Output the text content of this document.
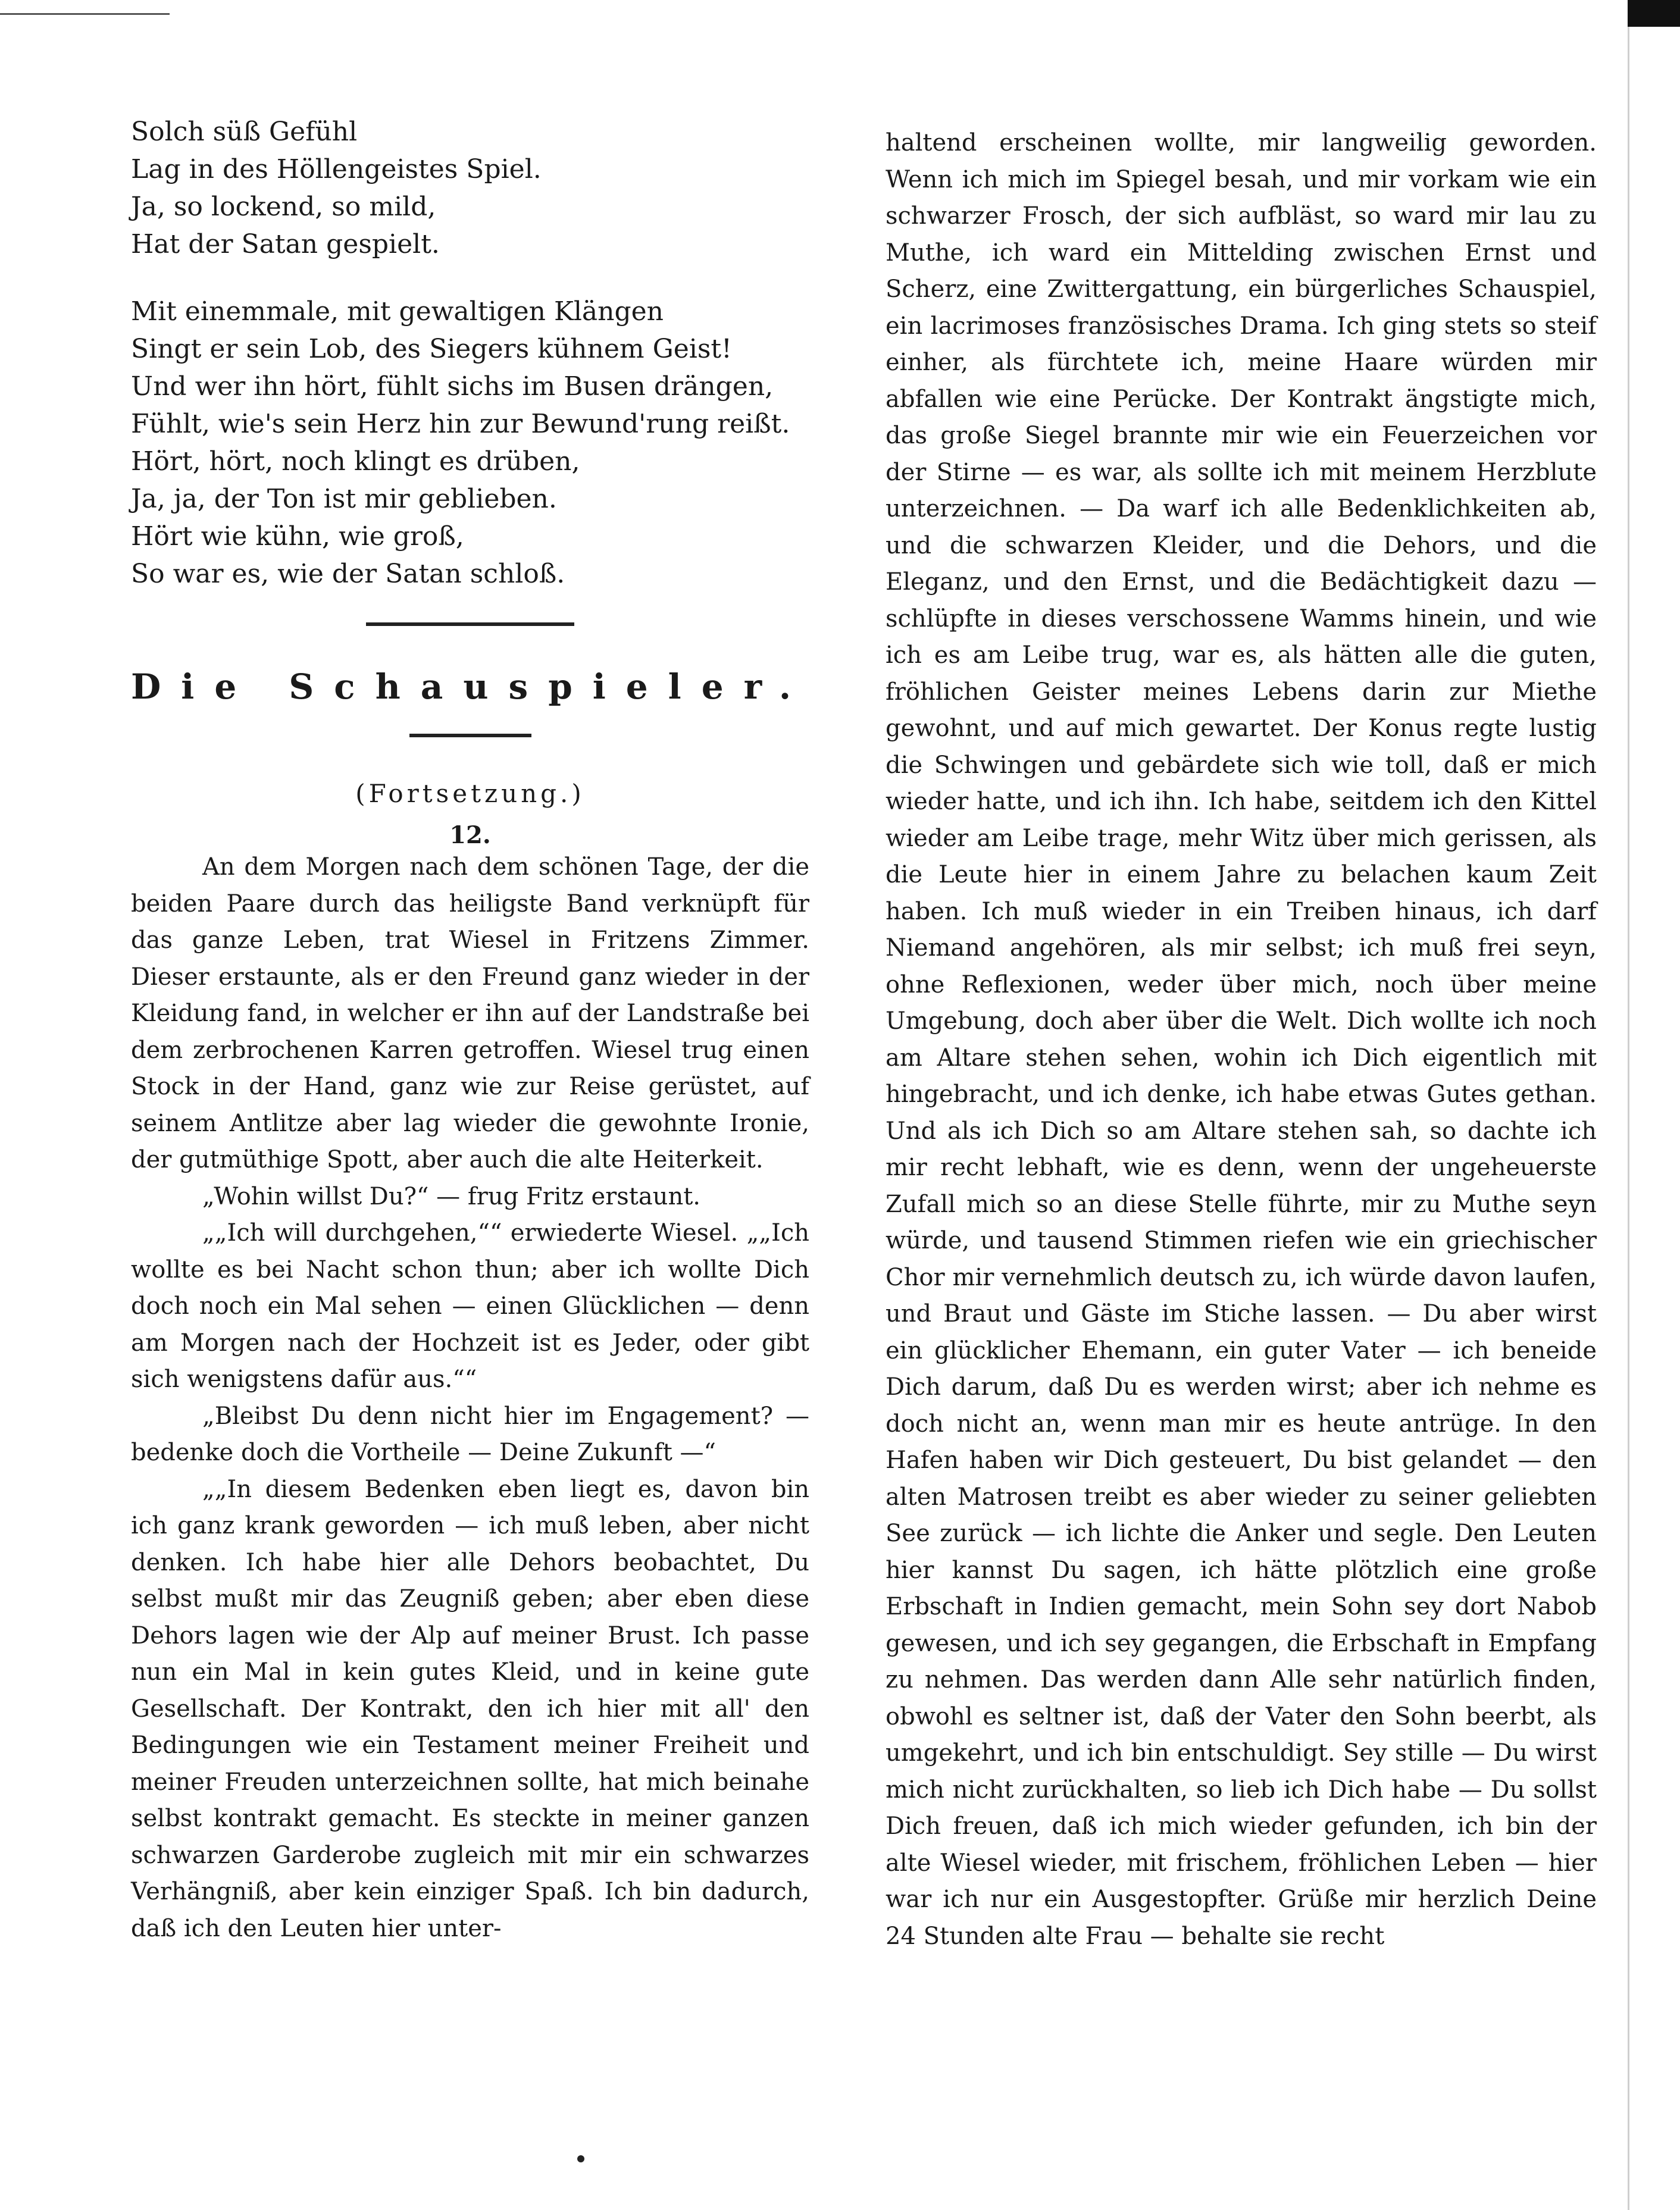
Solch süß Gefühl

Lag in des Höllengeistes Spiel.

Ja, so lockend, so mild,

Hat der Satan gespielt.

Mit einemmale, mit gewaltigen Klängen

Singt er sein Lob, des Siegers kühnem Geist!

Und wer ihn hört, fühlt sichs im Busen drängen,

Fühlt, wie's sein Herz hin zur Bewund'rung reißt.

Hört, hört, noch klingt es drüben,

Ja, ja, der Ton ist mir geblieben.

Hört wie kühn, wie groß,

So war es, wie der Satan schloß.

Die Schauspieler.
(Fortsetzung.)
12.

An dem Morgen nach dem schönen Tage, der die beiden Paare durch das heiligste Band verknüpft für das ganze Leben, trat Wiesel in Fritzens Zimmer. Dieser erstaunte, als er den Freund ganz wieder in der Kleidung fand, in welcher er ihn auf der Landstraße bei dem zerbrochenen Karren getroffen. Wiesel trug einen Stock in der Hand, ganz wie zur Reise gerüstet, auf seinem Antlitze aber lag wieder die gewohnte Ironie, der gutmüthige Spott, aber auch die alte Heiterkeit.

„Wohin willst Du?“ — frug Fritz erstaunt.

„„Ich will durchgehen,““ erwiederte Wiesel. „„Ich wollte es bei Nacht schon thun; aber ich wollte Dich doch noch ein Mal sehen — einen Glücklichen — denn am Morgen nach der Hochzeit ist es Jeder, oder gibt sich wenigstens dafür aus.““

„Bleibst Du denn nicht hier im Engagement? — bedenke doch die Vortheile — Deine Zukunft —“

„„In diesem Bedenken eben liegt es, davon bin ich ganz krank geworden — ich muß leben, aber nicht denken. Ich habe hier alle Dehors beobachtet, Du selbst mußt mir das Zeugniß geben; aber eben diese Dehors lagen wie der Alp auf meiner Brust. Ich passe nun ein Mal in kein gutes Kleid, und in keine gute Gesellschaft. Der Kontrakt, den ich hier mit all' den Bedingungen wie ein Testament meiner Freiheit und meiner Freuden unterzeichnen sollte, hat mich beinahe selbst kontrakt gemacht. Es steckte in meiner ganzen schwarzen Garderobe zugleich mit mir ein schwarzes Verhängniß, aber kein einziger Spaß. Ich bin dadurch, daß ich den Leuten hier unter-

haltend erscheinen wollte, mir langweilig geworden. Wenn ich mich im Spiegel besah, und mir vorkam wie ein schwarzer Frosch, der sich aufbläst, so ward mir lau zu Muthe, ich ward ein Mittelding zwischen Ernst und Scherz, eine Zwittergattung, ein bürgerliches Schauspiel, ein lacrimoses französisches Drama. Ich ging stets so steif einher, als fürchtete ich, meine Haare würden mir abfallen wie eine Perücke. Der Kontrakt ängstigte mich, das große Siegel brannte mir wie ein Feuerzeichen vor der Stirne — es war, als sollte ich mit meinem Herzblute unterzeichnen. — Da warf ich alle Bedenklichkeiten ab, und die schwarzen Kleider, und die Dehors, und die Eleganz, und den Ernst, und die Bedächtigkeit dazu — schlüpfte in dieses verschossene Wamms hinein, und wie ich es am Leibe trug, war es, als hätten alle die guten, fröhlichen Geister meines Lebens darin zur Miethe gewohnt, und auf mich gewartet. Der Konus regte lustig die Schwingen und gebärdete sich wie toll, daß er mich wieder hatte, und ich ihn. Ich habe, seitdem ich den Kittel wieder am Leibe trage, mehr Witz über mich gerissen, als die Leute hier in einem Jahre zu belachen kaum Zeit haben. Ich muß wieder in ein Treiben hinaus, ich darf Niemand angehören, als mir selbst; ich muß frei seyn, ohne Reflexionen, weder über mich, noch über meine Umgebung, doch aber über die Welt. Dich wollte ich noch am Altare stehen sehen, wohin ich Dich eigentlich mit hingebracht, und ich denke, ich habe etwas Gutes gethan. Und als ich Dich so am Altare stehen sah, so dachte ich mir recht lebhaft, wie es denn, wenn der ungeheuerste Zufall mich so an diese Stelle führte, mir zu Muthe seyn würde, und tausend Stimmen riefen wie ein griechischer Chor mir vernehmlich deutsch zu, ich würde davon laufen, und Braut und Gäste im Stiche lassen. — Du aber wirst ein glücklicher Ehemann, ein guter Vater — ich beneide Dich darum, daß Du es werden wirst; aber ich nehme es doch nicht an, wenn man mir es heute antrüge. In den Hafen haben wir Dich gesteuert, Du bist gelandet — den alten Matrosen treibt es aber wieder zu seiner geliebten See zurück — ich lichte die Anker und segle. Den Leuten hier kannst Du sagen, ich hätte plötzlich eine große Erbschaft in Indien gemacht, mein Sohn sey dort Nabob gewesen, und ich sey gegangen, die Erbschaft in Empfang zu nehmen. Das werden dann Alle sehr natürlich finden, obwohl es seltner ist, daß der Vater den Sohn beerbt, als umgekehrt, und ich bin entschuldigt. Sey stille — Du wirst mich nicht zurückhalten, so lieb ich Dich habe — Du sollst Dich freuen, daß ich mich wieder gefunden, ich bin der alte Wiesel wieder, mit frischem, fröhlichen Leben — hier war ich nur ein Ausgestopfter. Grüße mir herzlich Deine 24 Stunden alte Frau — behalte sie recht
